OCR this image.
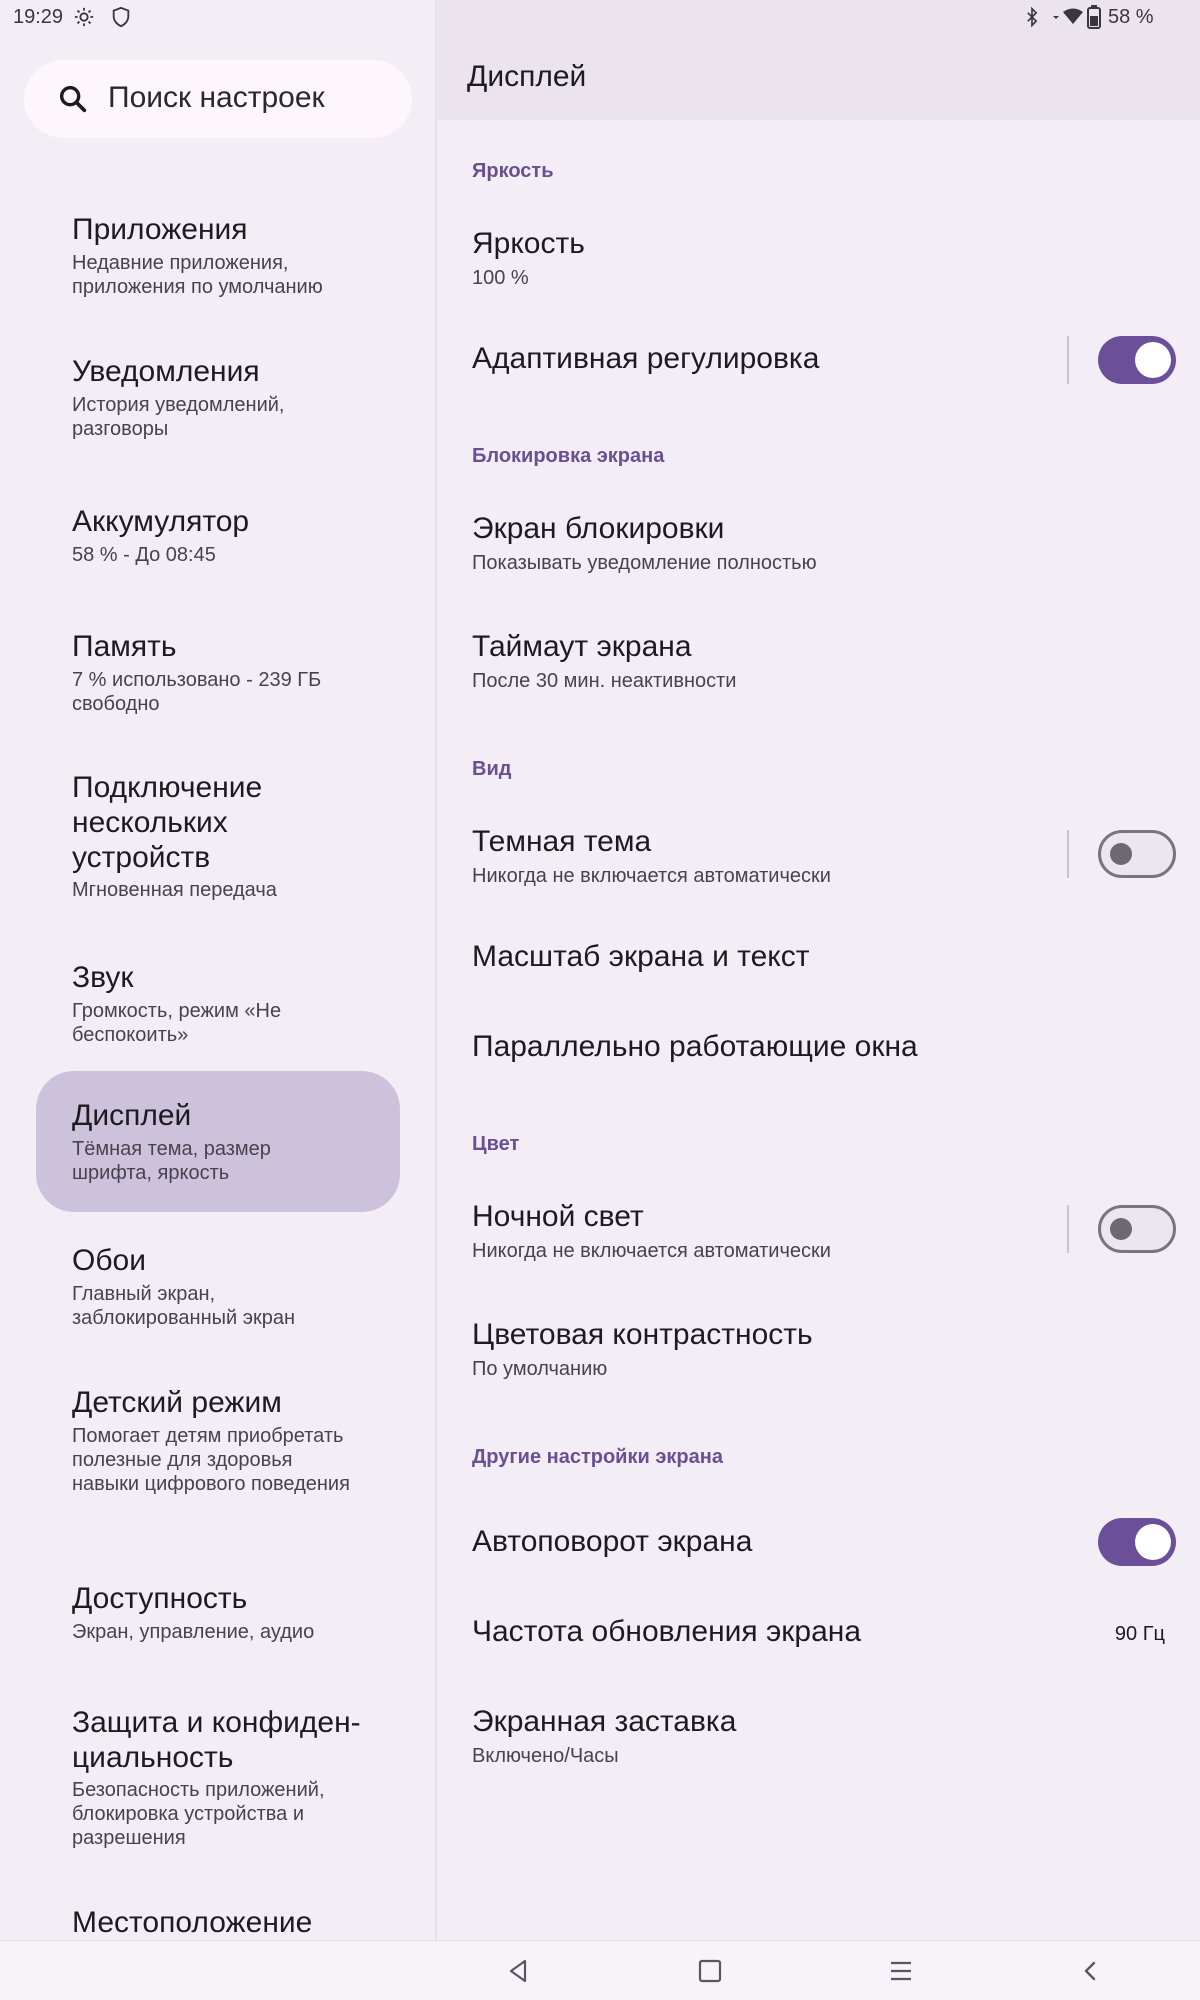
19:29
Поиск настроек
Приложения
Недавние приложения, приложения по умолчанию
Уведомления
История уведомлений, разговоры
Аккумулятор
58 % - До 08:45
Память
7 % использовано - 239 ГБ свободно
Подключение нескольких устройств
Мгновенная передача
Звук
Громкость, режим «Не беспокоить»
Дисплей
Тёмная тема, размер шрифта, яркость
Обои
Главный экран, заблокированный экран
Детский режим
Помогает детям приобретать полезные для здоровья навыки цифрового поведения
Доступность
Экран, управление, аудио
Защита и конфиден-циальность
Безопасность приложений, блокировка устройства и разрешения
Местоположение
Дисплей
58 %
Яркость
Яркость
100 %
Адаптивная регулировка
Блокировка экрана
Экран блокировки
Показывать уведомление полностью
Таймаут экрана
После 30 мин. неактивности
Вид
Темная тема
Никогда не включается автоматически
Масштаб экрана и текст
Параллельно работающие окна
Цвет
Ночной свет
Никогда не включается автоматически
Цветовая контрастность
По умолчанию
Другие настройки экрана
Автоповорот экрана
Частота обновления экрана	90 Гц
Экранная заставка
Включено/Часы
